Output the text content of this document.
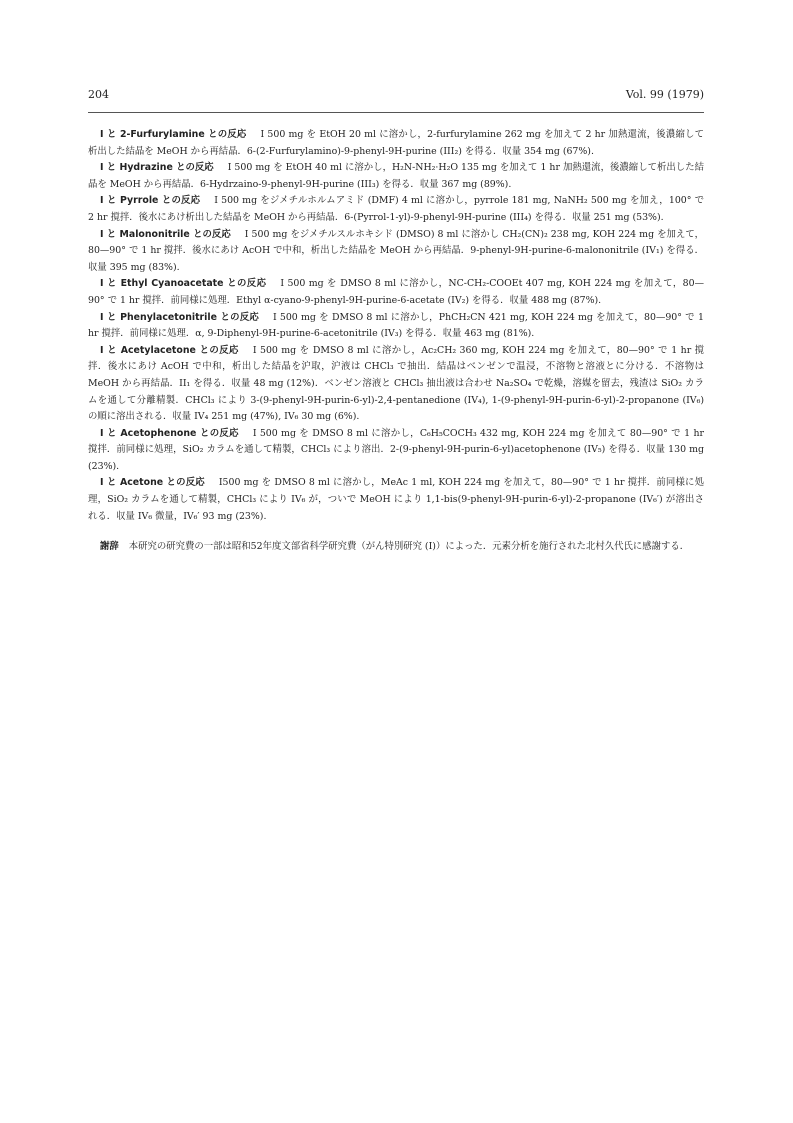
204	Vol. 99 (1979)

I と 2-Furfurylamine との反応 I 500 mg を EtOH 20 ml に溶かし，2-furfurylamine 262 mg を加えて 2 hr 加熱還流，後濃縮して析出した結晶を MeOH から再結晶．6-(2-Furfurylamino)-9-phenyl-9H-purine (III₂) を得る．収量 354 mg (67%).

I と Hydrazine との反応 I 500 mg を EtOH 40 ml に溶かし，H₂N-NH₂·H₂O 135 mg を加えて 1 hr 加熱還流，後濃縮して析出した結晶を MeOH から再結晶．6-Hydrzaino-9-phenyl-9H-purine (III₃) を得る．収量 367 mg (89%).

I と Pyrrole との反応 I 500 mg をジメチルホルムアミド (DMF) 4 ml に溶かし，pyrrole 181 mg, NaNH₂ 500 mg を加え，100° で 2 hr 撹拌．後水にあけ析出した結晶を MeOH から再結晶．6-(Pyrrol-1-yl)-9-phenyl-9H-purine (III₄) を得る．収量 251 mg (53%).

I と Malononitrile との反応 I 500 mg をジメチルスルホキシド (DMSO) 8 ml に溶かし CH₂(CN)₂ 238 mg, KOH 224 mg を加えて，80—90° で 1 hr 撹拌．後水にあけ AcOH で中和，析出した結晶を MeOH から再結晶．9-phenyl-9H-purine-6-malononitrile (IV₁) を得る．収量 395 mg (83%).

I と Ethyl Cyanoacetate との反応 I 500 mg を DMSO 8 ml に溶かし，NC-CH₂-COOEt 407 mg, KOH 224 mg を加えて，80—90° で 1 hr 撹拌．前同様に処理．Ethyl α-cyano-9-phenyl-9H-purine-6-acetate (IV₂) を得る．収量 488 mg (87%).

I と Phenylacetonitrile との反応 I 500 mg を DMSO 8 ml に溶かし，PhCH₂CN 421 mg, KOH 224 mg を加えて，80—90° で 1 hr 撹拌．前同様に処理．α, 9-Diphenyl-9H-purine-6-acetonitrile (IV₃) を得る．収量 463 mg (81%).

I と Acetylacetone との反応 I 500 mg を DMSO 8 ml に溶かし，Ac₂CH₂ 360 mg, KOH 224 mg を加えて，80—90° で 1 hr 撹拌．後水にあけ AcOH で中和，析出した結晶を沪取，沪液は CHCl₃ で抽出．結晶はベンゼンで温浸，不溶物と溶液とに分ける．不溶物は MeOH から再結晶．II₁ を得る．収量 48 mg (12%)．ベンゼン溶液と CHCl₃ 抽出液は合わせ Na₂SO₄ で乾燥，溶媒を留去，残渣は SiO₂ カラムを通して分離精製．CHCl₃ により 3-(9-phenyl-9H-purin-6-yl)-2,4-pentanedione (IV₄), 1-(9-phenyl-9H-purin-6-yl)-2-propanone (IV₆) の順に溶出される．収量 IV₄ 251 mg (47%), IV₆ 30 mg (6%).

I と Acetophenone との反応 I 500 mg を DMSO 8 ml に溶かし，C₆H₅COCH₃ 432 mg, KOH 224 mg を加えて 80—90° で 1 hr 撹拌．前同様に処理，SiO₂ カラムを通して精製，CHCl₃ により溶出．2-(9-phenyl-9H-purin-6-yl)acetophenone (IV₅) を得る．収量 130 mg (23%).

I と Acetone との反応 I500 mg を DMSO 8 ml に溶かし，MeAc 1 ml, KOH 224 mg を加えて，80—90° で 1 hr 撹拌．前同様に処理，SiO₂ カラムを通して精製，CHCl₃ により IV₆ が，ついで MeOH により 1,1-bis(9-phenyl-9H-purin-6-yl)-2-propanone (IV₆′) が溶出される．収量 IV₆ 微量，IV₆′ 93 mg (23%).

謝辞 本研究の研究費の一部は昭和52年度文部省科学研究費（がん特別研究 (I)）によった．元素分析を施行された北村久代氏に感謝する．
